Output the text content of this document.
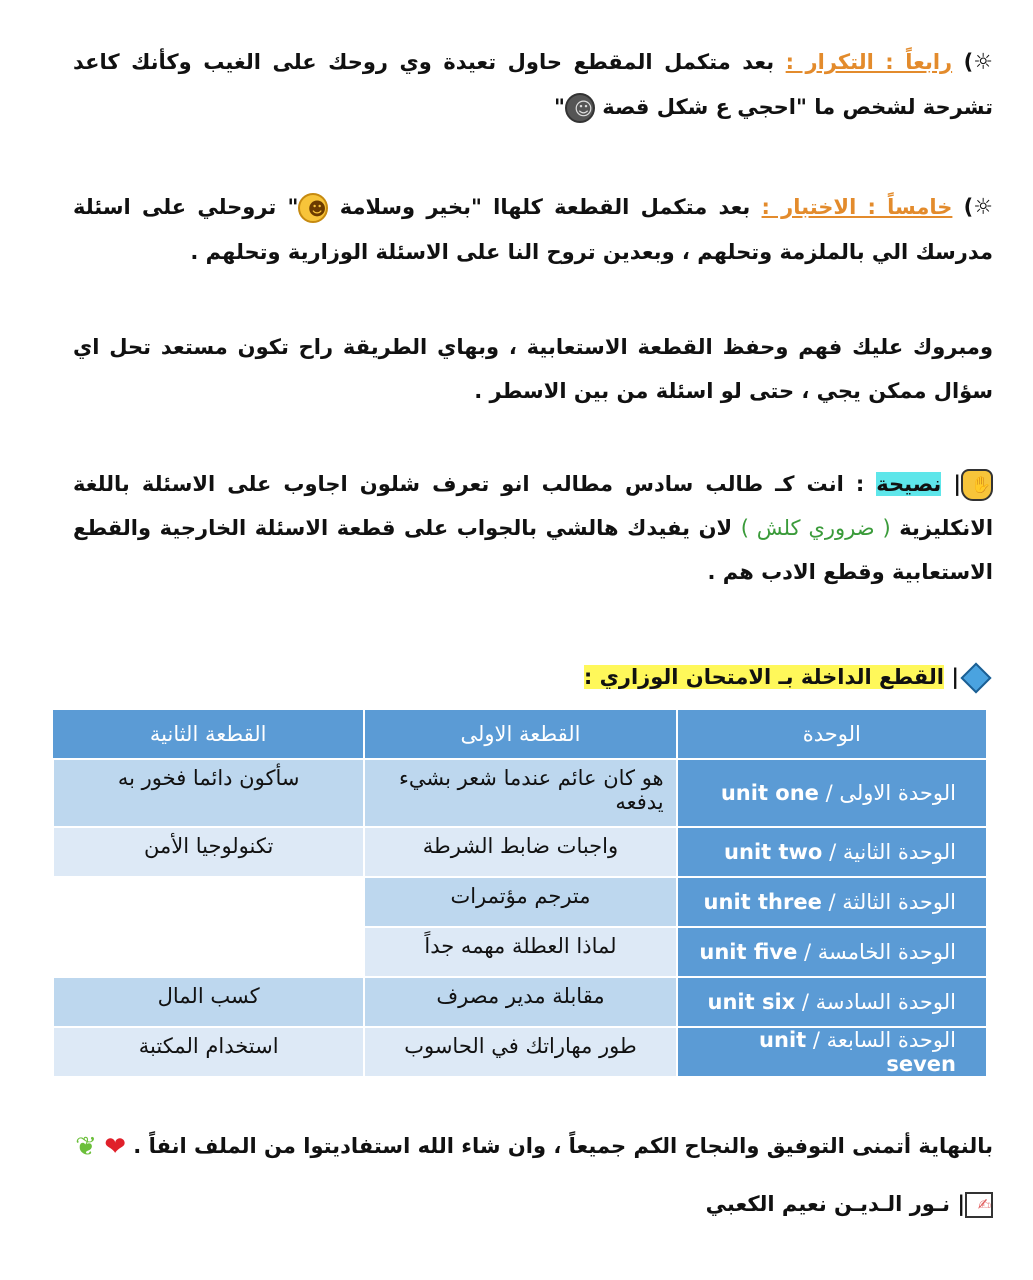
☼) رابعاً : التكرار : بعد متكمل المقطع حاول تعيدة وي روحك على الغيب وكأنك كاعد تشرحة لشخص ما "احجي ع شكل قصة ☺"
☼) خامساً : الاختبار : بعد متكمل القطعة كلهاا "بخير وسلامة ☻" تروحلي على اسئلة مدرسك الي بالملزمة وتحلهم ، وبعدين تروح النا على الاسئلة الوزارية وتحلهم .
ومبروك عليك فهم وحفظ القطعة الاستعابية ، وبهاي الطريقة راح تكون مستعد تحل اي سؤال ممكن يجي ، حتى لو اسئلة من بين الاسطر .
✋| نصيحة : انت كـ طالب سادس مطالب انو تعرف شلون اجاوب على الاسئلة باللغة الانكليزية ( ضروري كلش ) لان يفيدك هالشي بالجواب على قطعة الاسئلة الخارجية والقطع الاستعابية وقطع الادب هم .
| القطع الداخلة بـ الامتحان الوزاري :
الوحدة	القطعة الاولى	القطعة الثانية
الوحدة الاولى / unit one	هو كان عائم عندما شعر بشيء يدفعه	سأكون دائما فخور به
الوحدة الثانية / unit two	واجبات ضابط الشرطة	تكنولوجيا الأمن
الوحدة الثالثة / unit three	مترجم مؤتمرات	
الوحدة الخامسة / unit five	لماذا العطلة مهمه جداً	
الوحدة السادسة / unit six	مقابلة مدير مصرف	كسب المال
الوحدة السابعة / unit seven	طور مهاراتك في الحاسوب	استخدام المكتبة
بالنهاية أتمنى التوفيق والنجاح الكم جميعاً ، وان شاء الله استفاديتوا من الملف انفاً . ❤ ❦
✍| نـور الـديـن نعيم الكعبي
